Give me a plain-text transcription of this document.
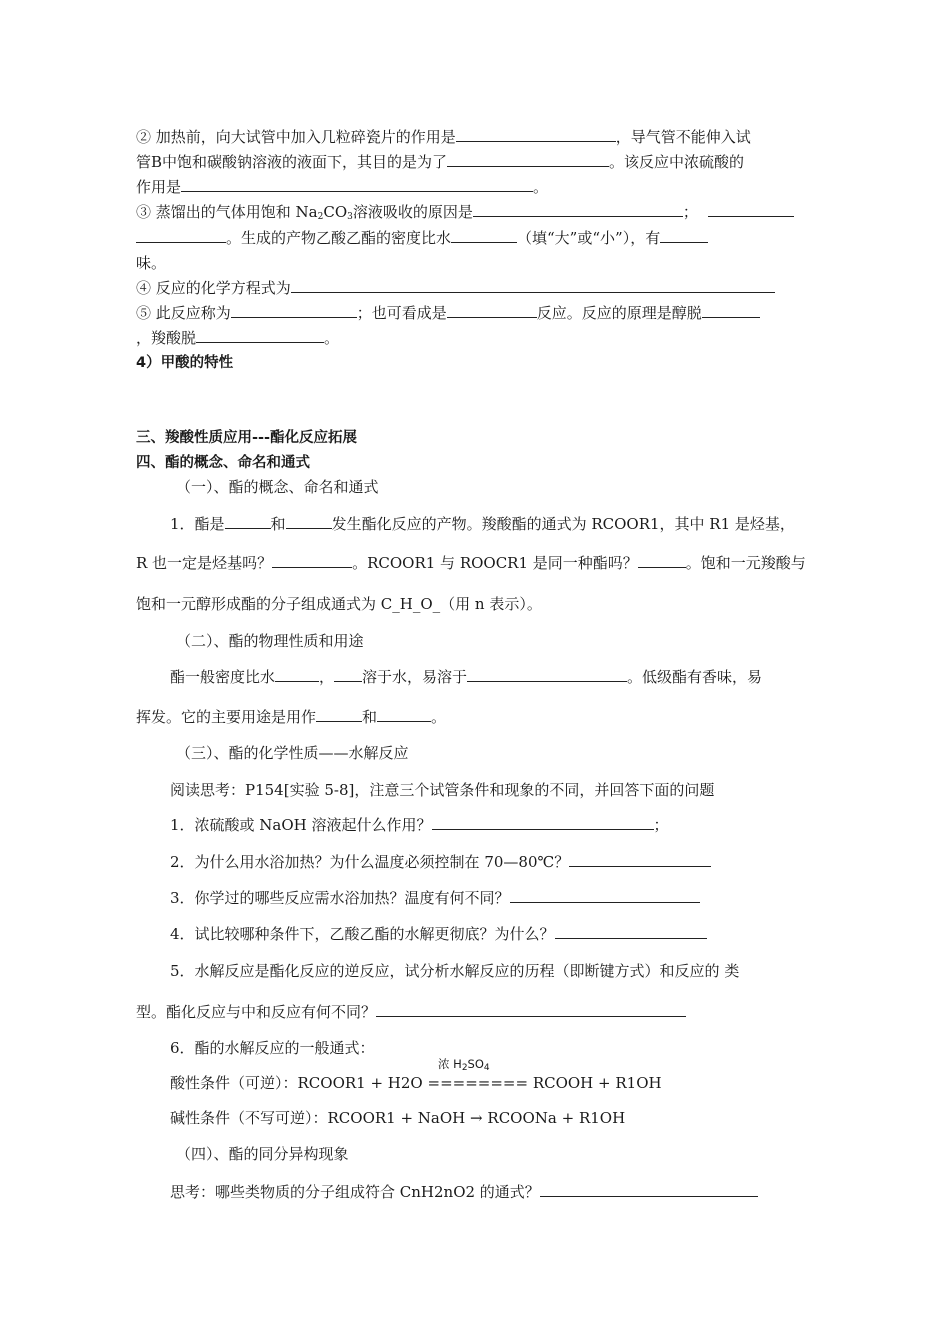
② 加热前，向大试管中加入几粒碎瓷片的作用是	，导气管不能伸入试
管B中饱和碳酸钠溶液的液面下，其目的是为了	。该反应中浓硫酸的
作用是	。
③ 蒸馏出的气体用饱和 $Na_2CO_3$溶液吸收的原因是	；
。生成的产物乙酸乙酯的密度比水	（填“大”或“小”），有
味。
④ 反应的化学方程式为
⑤ 此反应称为	；也可看成是	反应。反应的原理是醇脱
，羧酸脱	。
4）甲酸的特性
三、羧酸性质应用---酯化反应拓展
四、酯的概念、命名和通式
（一）、酯的概念、命名和通式
1．酯是	和	发生酯化反应的产物。羧酸酯的通式为 RCOOR1，其中 R1 是烃基，
R 也一定是烃基吗？	。RCOOR1 与 ROOCR1 是同一种酯吗？	。饱和一元羧酸与
饱和一元醇形成酯的分子组成通式为 C_H_O_（用 n 表示）。
（二）、酯的物理性质和用途
酯一般密度比水	， 溶于水，易溶于	。低级酯有香味，易
挥发。它的主要用途是用作	和	。
（三）、酯的化学性质——水解反应
阅读思考：P154[实验 5-8]，注意三个试管条件和现象的不同，并回答下面的问题
1．浓硫酸或 NaOH 溶液起什么作用？	；
2．为什么用水浴加热？为什么温度必须控制在 70—80℃？
3．你学过的哪些反应需水浴加热？温度有何不同？
4．试比较哪种条件下，乙酸乙酯的水解更彻底？为什么？
5．水解反应是酯化反应的逆反应，试分析水解反应的历程（即断键方式）和反应的 类
型。酯化反应与中和反应有何不同？
6．酯的水解反应的一般通式：
浓 $H_2SO_4$
酸性条件（可逆）：RCOOR1 + H2O ======== RCOOH + R1OH
碱性条件（不写可逆）：RCOOR1 + NaOH → RCOONa + R1OH
（四）、酯的同分异构现象
思考：哪些类物质的分子组成符合 CnH2nO2 的通式？
